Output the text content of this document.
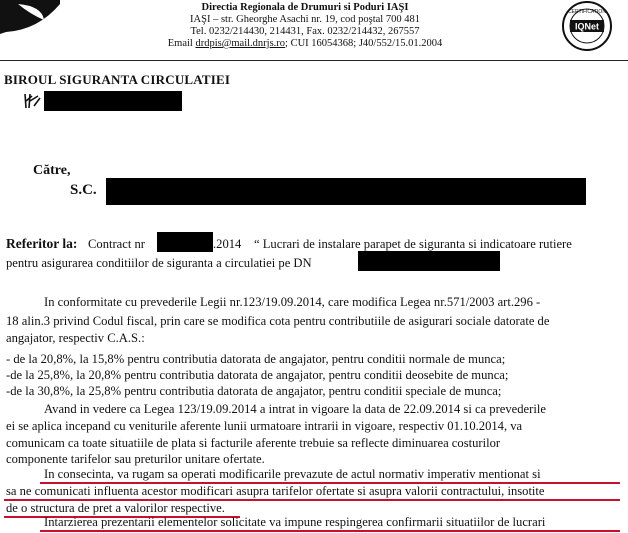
Directia Regionala de Drumuri si Poduri IAŞI
IAŞI – str. Gheorghe Asachi nr. 19, cod poştal 700 481
Tel. 0232/214430, 214431, Fax. 0232/214432, 267557
Email drdpis@mail.dnrjs.ro; CUI 16054368; J40/552/15.01.2004
IQNet
CERTIFICATION
BIROUL SIGURANTA CIRCULATIEI
Către,
S.C.
Referitor la: Contract nr	.2014 “ Lucrari de instalare parapet de siguranta si indicatoare rutiere
pentru asigurarea conditiilor de siguranta a circulatiei pe DN
In conformitate cu prevederile Legii nr.123/19.09.2014, care modifica Legea nr.571/2003 art.296 -
18 alin.3 privind Codul fiscal, prin care se modifica cota pentru contributiile de asigurari sociale datorate de
angajator, respectiv C.A.S.:
- de la 20,8%, la 15,8% pentru contributia datorata de angajator, pentru conditii normale de munca;
-de la 25,8%, la 20,8% pentru contributia datorata de angajator, pentru conditii deosebite de munca;
-de la 30,8%, la 25,8% pentru contributia datorata de angajator, pentru conditii speciale de munca;
Avand in vedere ca Legea 123/19.09.2014 a intrat in vigoare la data de 22.09.2014 si ca prevederile
ei se aplica incepand cu veniturile aferente lunii urmatoare intrarii in vigoare, respectiv 01.10.2014, va
comunicam ca toate situatiile de plata si facturile aferente trebuie sa reflecte diminuarea costurilor
componente tarifelor sau preturilor unitare ofertate.
In consecinta, va rugam sa operati modificarile prevazute de actul normativ imperativ mentionat si
sa ne comunicati influenta acestor modificari asupra tarifelor ofertate si asupra valorii contractului, insotite
de o structura de pret a valorilor respective.
Intarzierea prezentarii elementelor solicitate va impune respingerea confirmarii situatiilor de lucrari
